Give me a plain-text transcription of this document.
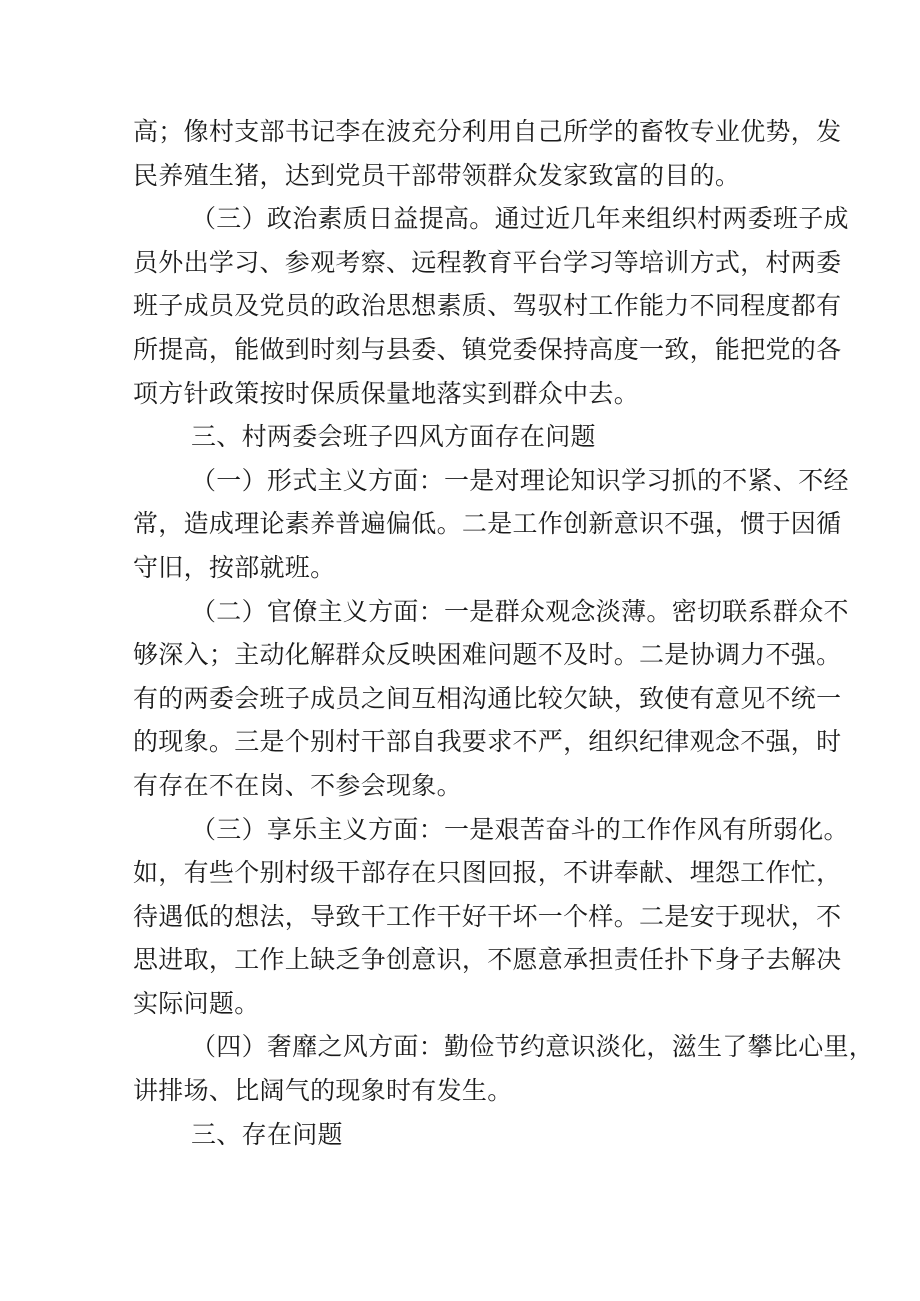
高；像村支部书记李在波充分利用自己所学的畜牧专业优势，发
民养殖生猪，达到党员干部带领群众发家致富的目的。
（三）政治素质日益提高。通过近几年来组织村两委班子成
员外出学习、参观考察、远程教育平台学习等培训方式，村两委
班子成员及党员的政治思想素质、驾驭村工作能力不同程度都有
所提高，能做到时刻与县委、镇党委保持高度一致，能把党的各
项方针政策按时保质保量地落实到群众中去。
三、村两委会班子四风方面存在问题
（一）形式主义方面：一是对理论知识学习抓的不紧、不经
常，造成理论素养普遍偏低。二是工作创新意识不强，惯于因循
守旧，按部就班。
（二）官僚主义方面：一是群众观念淡薄。密切联系群众不
够深入；主动化解群众反映困难问题不及时。二是协调力不强。
有的两委会班子成员之间互相沟通比较欠缺，致使有意见不统一
的现象。三是个别村干部自我要求不严，组织纪律观念不强，时
有存在不在岗、不参会现象。
（三）享乐主义方面：一是艰苦奋斗的工作作风有所弱化。
如，有些个别村级干部存在只图回报，不讲奉献、埋怨工作忙，
待遇低的想法，导致干工作干好干坏一个样。二是安于现状，不
思进取，工作上缺乏争创意识，不愿意承担责任扑下身子去解决
实际问题。
（四）奢靡之风方面：勤俭节约意识淡化，滋生了攀比心里，
讲排场、比阔气的现象时有发生。
三、存在问题
